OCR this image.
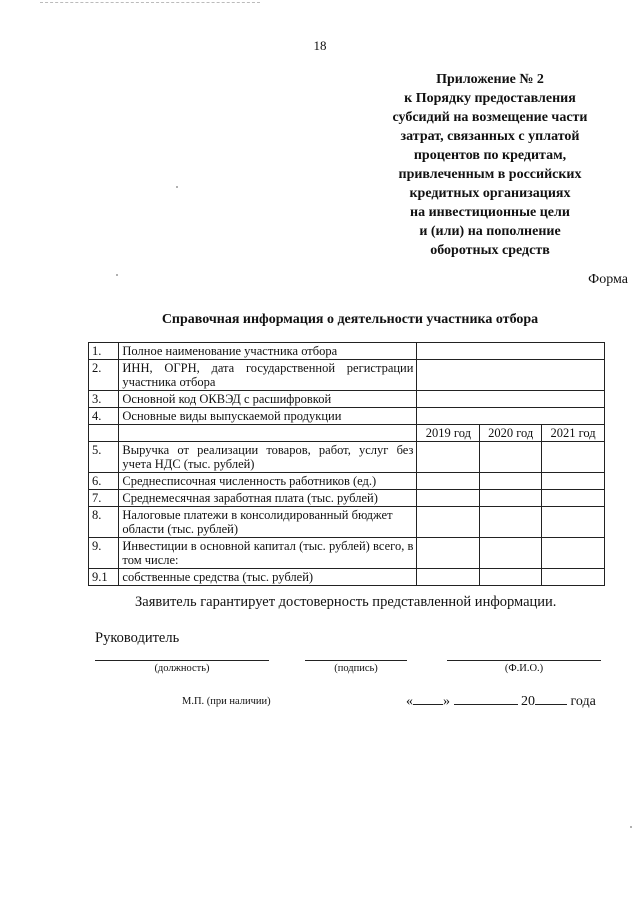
18
Приложение № 2
к Порядку предоставления
субсидий на возмещение части
затрат, связанных с уплатой
процентов по кредитам,
привлеченным в российских
кредитных организациях
на инвестиционные цели
и (или) на пополнение
оборотных средств
Форма
Справочная информация о деятельности участника отбора
1.	Полное наименование участника отбора			
2.	ИНН, ОГРН, дата государственной регистрации участника отбора			
3.	Основной код ОКВЭД с расшифровкой			
4.	Основные виды выпускаемой продукции			
		2019 год	2020 год	2021 год
5.	Выручка от реализации товаров, работ, услуг без учета НДС (тыс. рублей)			
6.	Среднесписочная численность работников (ед.)			
7.	Среднемесячная заработная плата (тыс. рублей)			
8.	Налоговые платежи в консолидированный бюджет области (тыс. рублей)			
9.	Инвестиции в основной капитал (тыс. рублей) всего, в том числе:			
9.1	собственные средства (тыс. рублей)			
Заявитель гарантирует достоверность представленной информации.
Руководитель
(должность)	(подпись)	(Ф.И.О.)
М.П. (при наличии)	« »	20	года
